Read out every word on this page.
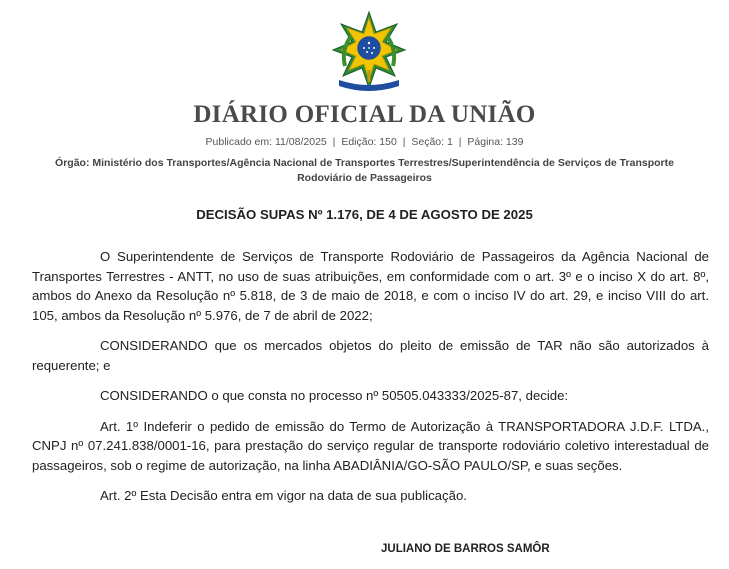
DIÁRIO OFICIAL DA UNIÃO
Publicado em: 11/08/2025 | Edição: 150 | Seção: 1 | Página: 139
Órgão: Ministério dos Transportes/Agência Nacional de Transportes Terrestres/Superintendência de Serviços de Transporte Rodoviário de Passageiros
DECISÃO SUPAS Nº 1.176, DE 4 DE AGOSTO DE 2025

O Superintendente de Serviços de Transporte Rodoviário de Passageiros da Agência Nacional de Transportes Terrestres - ANTT, no uso de suas atribuições, em conformidade com o art. 3º e o inciso X do art. 8º, ambos do Anexo da Resolução nº 5.818, de 3 de maio de 2018, e com o inciso IV do art. 29, e inciso VIII do art. 105, ambos da Resolução nº 5.976, de 7 de abril de 2022;

CONSIDERANDO que os mercados objetos do pleito de emissão de TAR não são autorizados à requerente; e

CONSIDERANDO o que consta no processo nº 50505.043333/2025-87, decide:

Art. 1º Indeferir o pedido de emissão do Termo de Autorização à TRANSPORTADORA J.D.F. LTDA., CNPJ nº 07.241.838/0001-16, para prestação do serviço regular de transporte rodoviário coletivo interestadual de passageiros, sob o regime de autorização, na linha ABADIÂNIA/GO-SÃO PAULO/SP, e suas seções.

Art. 2º Esta Decisão entra em vigor na data de sua publicação.

JULIANO DE BARROS SAMÔR
